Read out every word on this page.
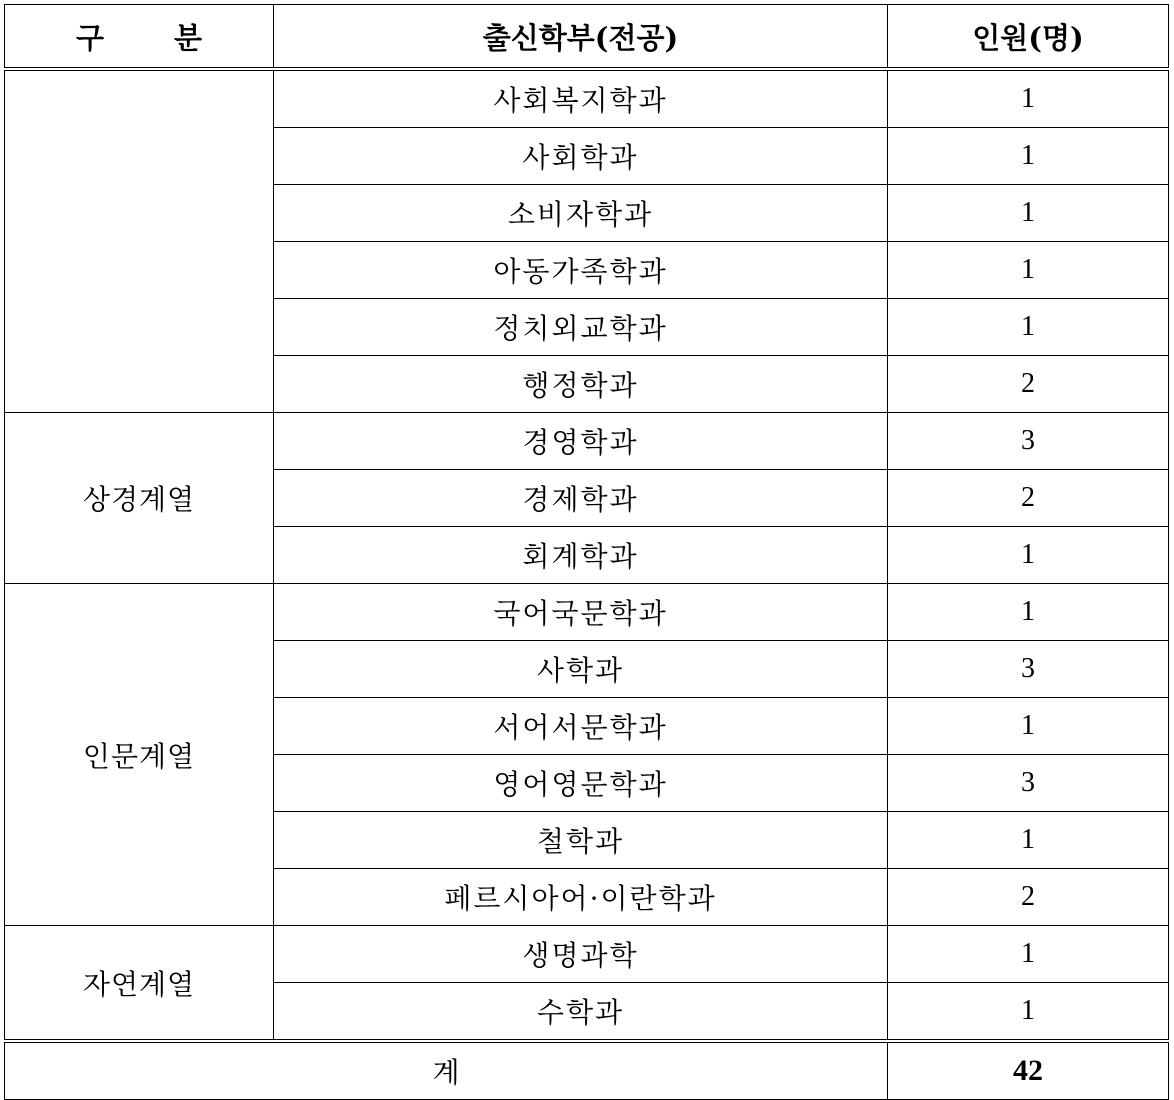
구 분	출신학부(전공)	인원(명)
	사회복지학과	1
	사회학과	1
	소비자학과	1
	아동가족학과	1
	정치외교학과	1
	행정학과	2
상경계열	경영학과	3
	경제학과	2
	회계학과	1
인문계열	국어국문학과	1
	사학과	3
	서어서문학과	1
	영어영문학과	3
	철학과	1
	페르시아어·이란학과	2
자연계열	생명과학	1
	수학과	1
계		42
